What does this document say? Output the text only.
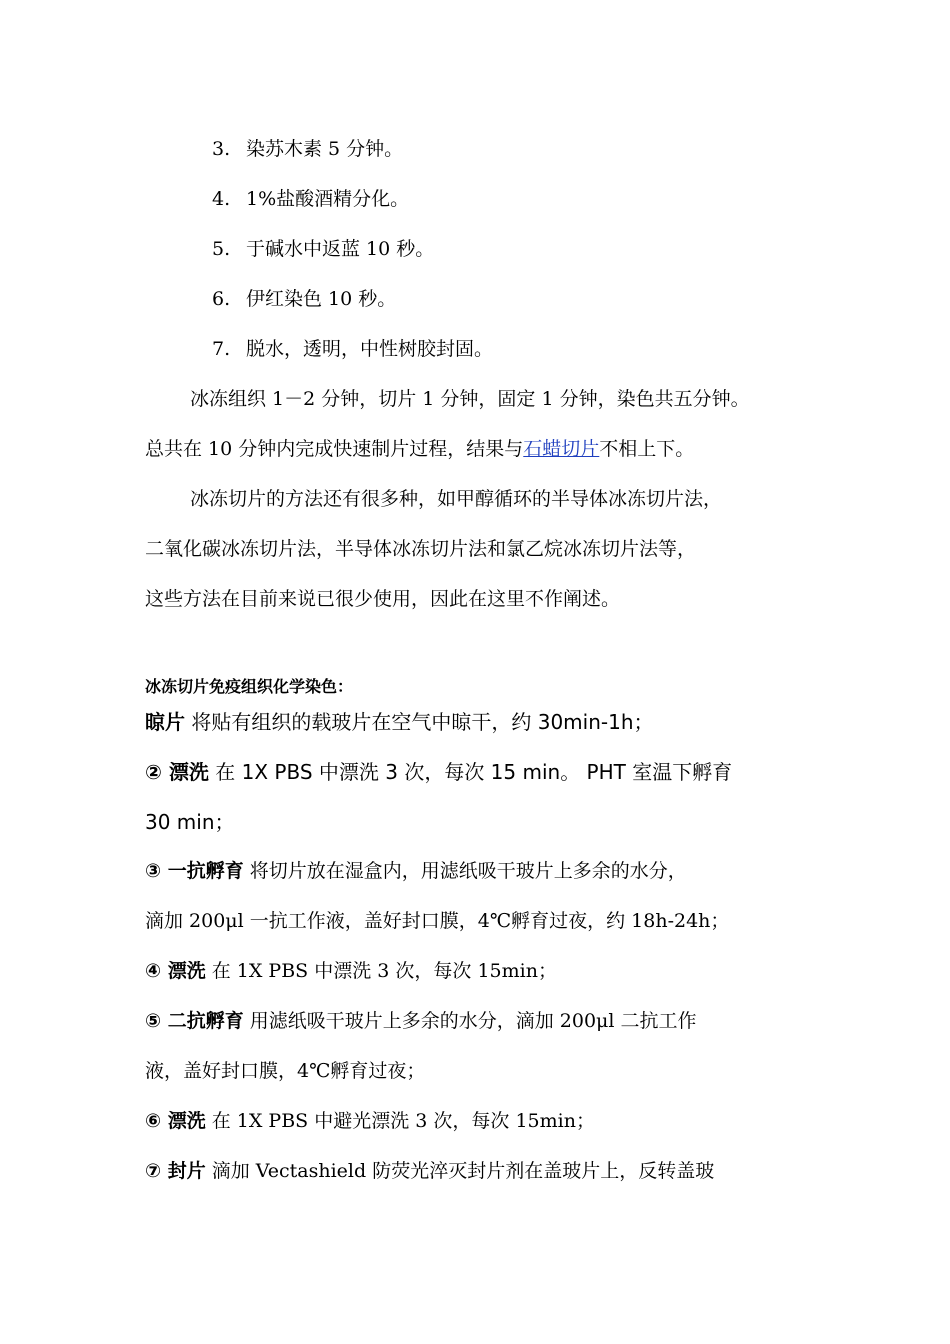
3. 染苏木素 5 分钟。
4. 1%盐酸酒精分化。
5. 于碱水中返蓝 10 秒。
6. 伊红染色 10 秒。
7. 脱水，透明，中性树胶封固。
冰冻组织 1－2 分钟，切片 1 分钟，固定 1 分钟，染色共五分钟。
总共在 10 分钟内完成快速制片过程，结果与石蜡切片不相上下。
冰冻切片的方法还有很多种，如甲醇循环的半导体冰冻切片法，
二氧化碳冰冻切片法，半导体冰冻切片法和氯乙烷冰冻切片法等，
这些方法在目前来说已很少使用，因此在这里不作阐述。
冰冻切片免疫组织化学染色：
晾片 将贴有组织的载玻片在空气中晾干，约 30min-1h；
② 漂洗 在 1X PBS 中漂洗 3 次，每次 15 min。 PHT 室温下孵育
30 min；
③ 一抗孵育 将切片放在湿盒内，用滤纸吸干玻片上多余的水分，
滴加 200μl 一抗工作液，盖好封口膜，4℃孵育过夜，约 18h-24h；
④ 漂洗 在 1X PBS 中漂洗 3 次，每次 15min；
⑤ 二抗孵育 用滤纸吸干玻片上多余的水分，滴加 200μl 二抗工作
液，盖好封口膜，4℃孵育过夜；
⑥ 漂洗 在 1X PBS 中避光漂洗 3 次，每次 15min；
⑦ 封片 滴加 Vectashield 防荧光淬灭封片剂在盖玻片上，反转盖玻
